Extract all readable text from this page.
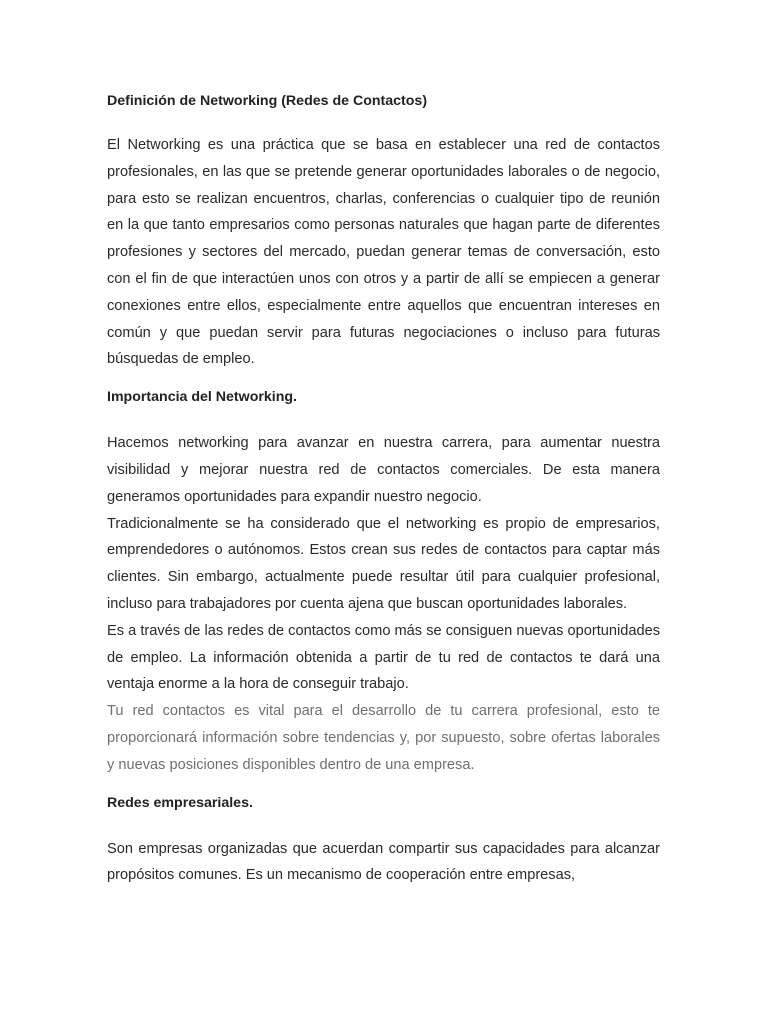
Definición de Networking (Redes de Contactos)

El Networking es una práctica que se basa en establecer una red de contactos profesionales, en las que se pretende generar oportunidades laborales o de negocio, para esto se realizan encuentros, charlas, conferencias o cualquier tipo de reunión en la que tanto empresarios como personas naturales que hagan parte de diferentes profesiones y sectores del mercado, puedan generar temas de conversación, esto con el fin de que interactúen unos con otros y a partir de allí se empiecen a generar conexiones entre ellos, especialmente entre aquellos que encuentran intereses en común y que puedan servir para futuras negociaciones o incluso para futuras búsquedas de empleo.

Importancia del Networking.

Hacemos networking para avanzar en nuestra carrera, para aumentar nuestra visibilidad y mejorar nuestra red de contactos comerciales. De esta manera generamos oportunidades para expandir nuestro negocio.

Tradicionalmente se ha considerado que el networking es propio de empresarios, emprendedores o autónomos. Estos crean sus redes de contactos para captar más clientes. Sin embargo, actualmente puede resultar útil para cualquier profesional, incluso para trabajadores por cuenta ajena que buscan oportunidades laborales.

Es a través de las redes de contactos como más se consiguen nuevas oportunidades de empleo. La información obtenida a partir de tu red de contactos te dará una ventaja enorme a la hora de conseguir trabajo.

Tu red contactos es vital para el desarrollo de tu carrera profesional, esto te proporcionará información sobre tendencias y, por supuesto, sobre ofertas laborales y nuevas posiciones disponibles dentro de una empresa.

Redes empresariales.

Son empresas organizadas que acuerdan compartir sus capacidades para alcanzar propósitos comunes. Es un mecanismo de cooperación entre empresas,
